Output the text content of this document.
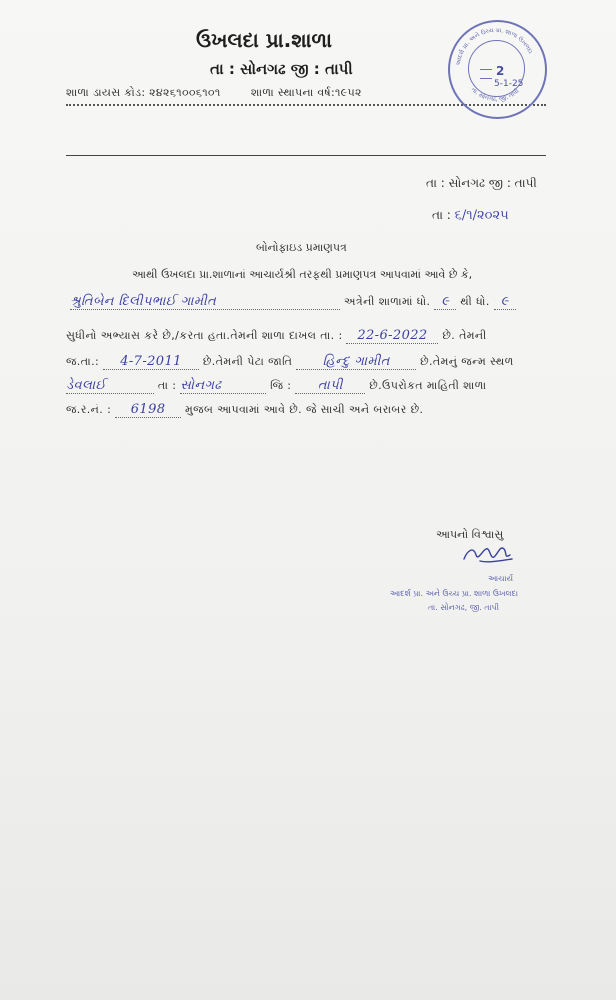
ઉખલદા પ્રા.શાળા
તા : સોનગઢ જી : તાપી
શાળા ડાયસ કોડ: ૨૪૨૬૧૦૦૬૧૦૧	શાળા સ્થાપના વર્ષ:૧૯૫૨
આદર્શ પ્રા. અને ઉચ્ચ પ્રા. શાળા ઉખલદા
તા. સોનગઢ, જી. તાપી
2
5-1-25
તા : સોનગઢ જી : તાપી
તા : ૬/૧/૨૦૨૫
બોનોફાઇડ પ્રમાણપત્ર
આથી ઉખલદા પ્રા.શાળાનાં આચાર્યશ્રી તરફથી પ્રમાણપત્ર આપવામાં આવે છે કે,
શ્રુતિબેન દિલીપભાઈ ગામીત	અત્રેની શાળામાં ધો. ૯ થી ધો. ૯
સુધીનો અભ્યાસ કરે છે,/કરતા હતા.તેમની શાળા દાખલ તા. : 22-6-2022 છે. તેમની
જ.તા.: 4-7-2011 છે.તેમની પેટા જાતિ હિન્દુ ગામીત	છે.તેમનું જન્મ સ્થળ
ડેવલાઈ	તા : સોનગઢ	જિ : તાપી છે.ઉપરોકત માહિતી શાળા
જ.ર.નં. : 6198 મુજબ આપવામાં આવે છે. જે સાચી અને બરાબર છે.
આપનો વિશ્વાસુ
આચાર્ય
આદર્શ પ્રા. અને ઉચ્ચ પ્રા. શાળા ઉખલદા
તા. સોનગઢ, જી. તાપી
